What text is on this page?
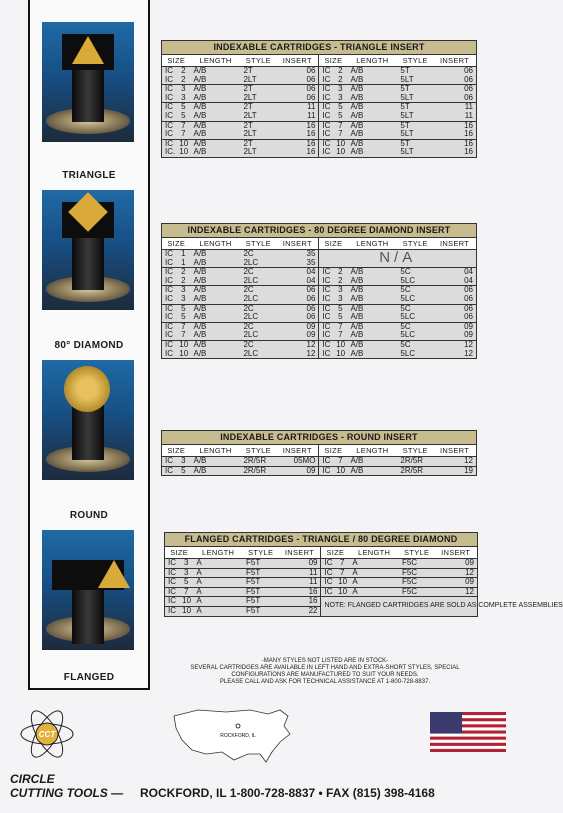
TRIANGLE
80° DIAMOND
ROUND
FLANGED
INDEXABLE CARTRIDGES - TRIANGLE INSERT
SIZE		LENGTH	STYLE	INSERT	SIZE		LENGTH	STYLE	INSERT
IC	2	A/B	2T	06	IC	2	A/B	5T	06
IC	2	A/B	2LT	06	IC	2	A/B	5LT	06
IC	3	A/B	2T	06	IC	3	A/B	5T	06
IC	3	A/B	2LT	06	IC	3	A/B	5LT	06
IC	5	A/B	2T	11	IC	5	A/B	5T	11
IC	5	A/B	2LT	11	IC	5	A/B	5LT	11
IC	7	A/B	2T	16	IC	7	A/B	5T	16
IC	7	A/B	2LT	16	IC	7	A/B	5LT	16
IC	10	A/B	2T	16	IC	10	A/B	5T	16
IC.	10	A/B	2LT	16	IC	10	A/B	5LT	16
INDEXABLE CARTRIDGES - 80 DEGREE DIAMOND INSERT
SIZE		LENGTH	STYLE	INSERT	SIZE		LENGTH	STYLE	INSERT
IC	1	A/B	2C	35	N/A				
IC	1	A/B	2LC	35					
IC	2	A/B	2C	04	IC	2	A/B	5C	04
IC	2	A/B	2LC	04	IC	2	A/B	5LC	04
IC	3	A/B	2C	06	IC	3	A/B	5C	06
IC	3	A/B	2LC	06	IC	3	A/B	5LC	06
IC	5	A/B	2C	06	IC	5	A/B	5C	06
IC	5	A/B	2LC	06	IC	5	A/B	5LC	06
IC	7	A/B	2C	09	IC	7	A/B	5C	09
IC	7	A/B	2LC	09	IC	7	A/B	5LC	09
IC	10	A/B	2C	12	IC	10	A/B	5C	12
IC	10	A/B	2LC	12	IC	10	A/B	5LC	12
INDEXABLE CARTRIDGES - ROUND INSERT
SIZE		LENGTH	STYLE	INSERT	SIZE		LENGTH	STYLE	INSERT
IC	3	A/B	2R/5R	05MO	IC	7	A/B	2R/5R	12
IC	5	A/B	2R/5R	09	IC	10	A/B	2R/5R	19
FLANGED CARTRIDGES - TRIANGLE / 80 DEGREE DIAMOND
SIZE		LENGTH	STYLE	INSERT	SIZE		LENGTH	STYLE	INSERT
IC	3	A	F5T	09	IC	7	A	F5C	09
IC	3	A	F5T	11	IC	7	A	F5C	12
IC	5	A	F5T	11	IC	10	A	F5C	09
IC	7	A	F5T	16	IC	10	A	F5C	12
IC	10	A	F5T	16	NOTE: FLANGED CARTRIDGES ARE SOLD AS COMPLETE ASSEMBLIES				
IC	10	A	F5T	22					
-MANY STYLES NOT LISTED ARE IN STOCK-
SEVERAL CARTRIDGES ARE AVAILABLE IN LEFT HAND AND EXTRA-SHORT STYLES, SPECIAL
CONFIGURATIONS ARE MANUFACTURED TO SUIT YOUR NEEDS.
PLEASE CALL AND ASK FOR TECHNICAL ASSISTANCE AT 1-800-728-8837.
CCT	ROCKFORD, IL
CIRCLE
CUTTING TOOLS — ROCKFORD, IL 1-800-728-8837 • FAX (815) 398-4168
